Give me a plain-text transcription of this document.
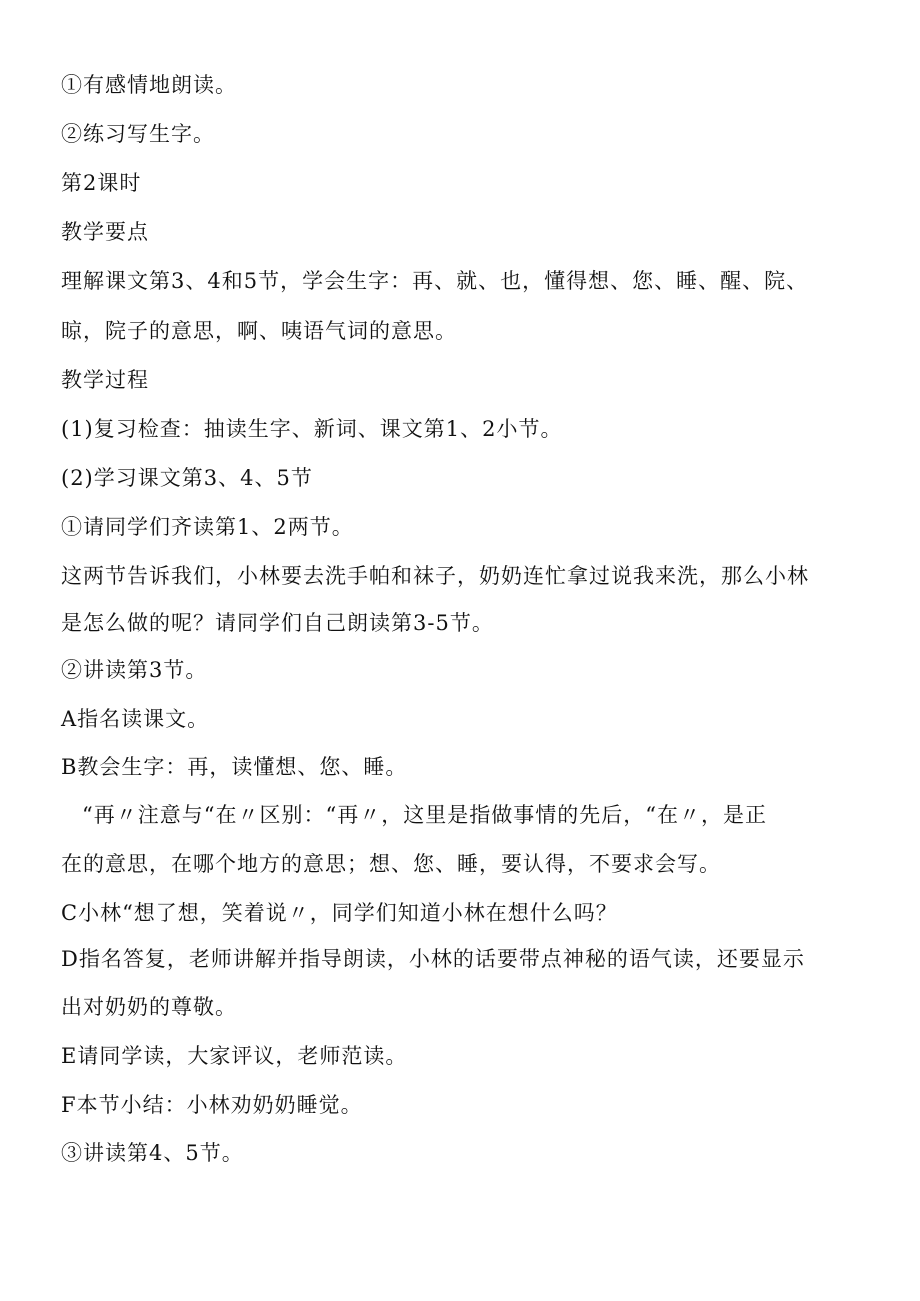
①有感情地朗读。
②练习写生字。
第2课时
教学要点
理解课文第3、4和5节，学会生字：再、就、也，懂得想、您、睡、醒、院、
晾，院子的意思，啊、咦语气词的意思。
教学过程
(1)复习检查：抽读生字、新词、课文第1、2小节。
(2)学习课文第3、4、5节
①请同学们齐读第1、2两节。
这两节告诉我们，小林要去洗手帕和袜子，奶奶连忙拿过说我来洗，那么小林
是怎么做的呢？请同学们自己朗读第3-5节。
②讲读第3节。
A指名读课文。
B教会生字：再，读懂想、您、睡。
“再〃注意与“在〃区别：“再〃，这里是指做事情的先后，“在〃，是正
在的意思，在哪个地方的意思；想、您、睡，要认得，不要求会写。
C小林“想了想，笑着说〃，同学们知道小林在想什么吗？
D指名答复，老师讲解并指导朗读，小林的话要带点神秘的语气读，还要显示
出对奶奶的尊敬。
E请同学读，大家评议，老师范读。
F本节小结：小林劝奶奶睡觉。
③讲读第4、5节。
